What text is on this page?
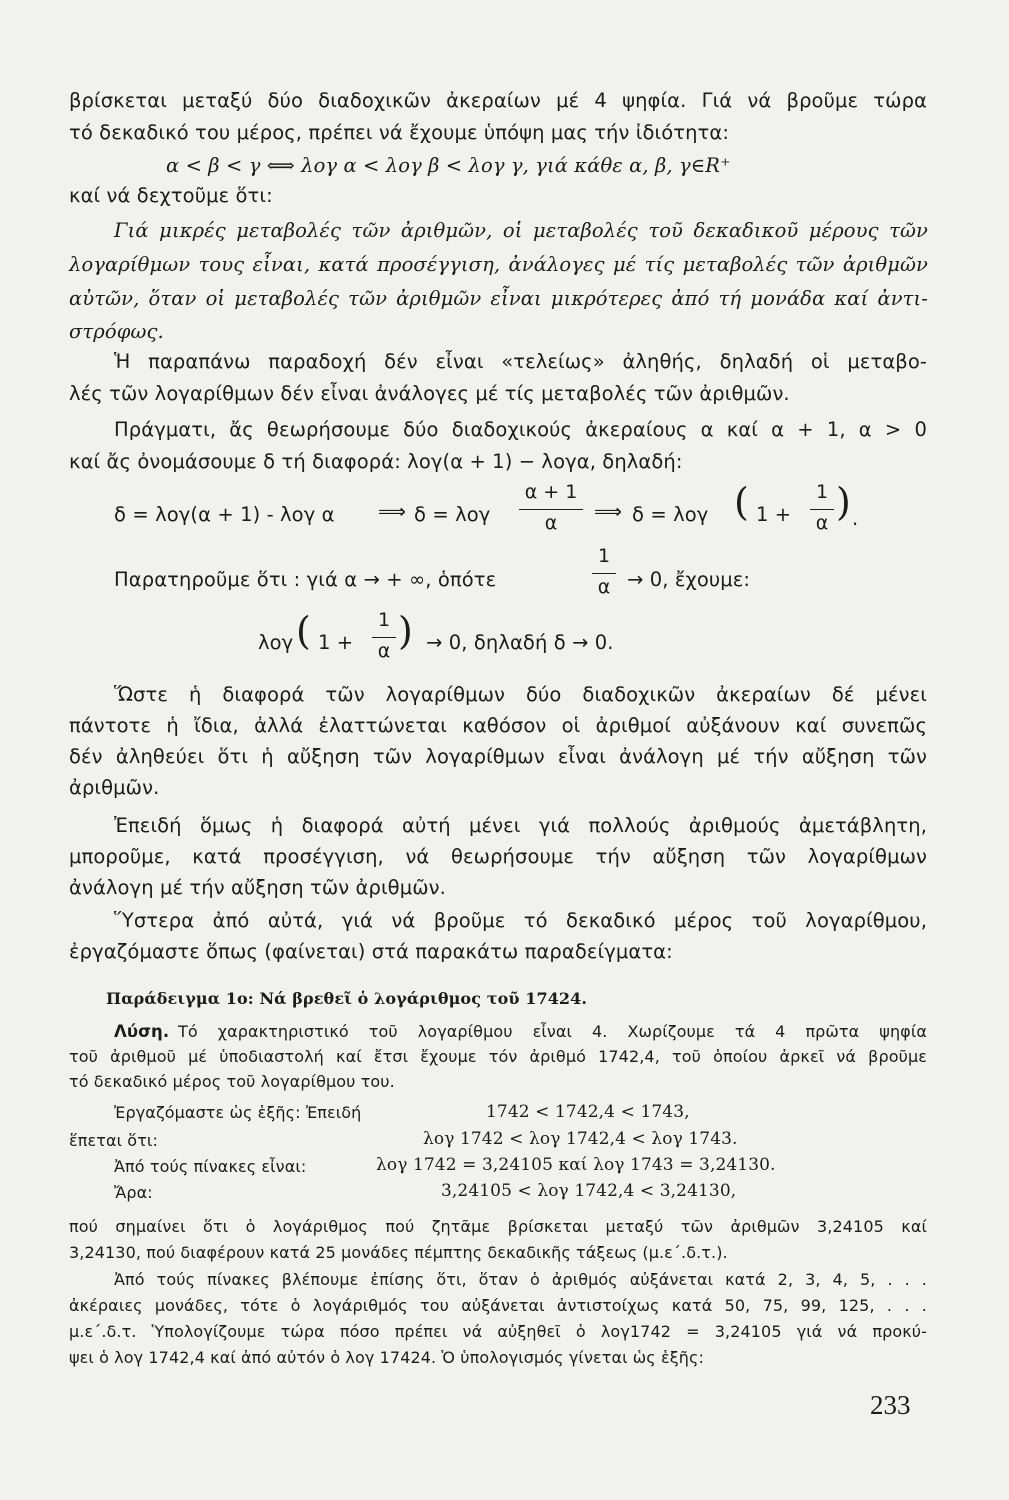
βρίσκεται μεταξύ δύο διαδοχικῶν ἀκεραίων μέ 4 ψηφία. Γιά νά βροῦμε τώρα
τό δεκαδικό του μέρος, πρέπει νά ἔχουμε ὑπόψη μας τήν ἰδιότητα:
α < β < γ ⟺ λογ α < λογ β < λογ γ, γιά κάθε α, β, γ∈R⁺
καί νά δεχτοῦμε ὅτι:
Γιά μικρές μεταβολές τῶν ἀριθμῶν, οἱ μεταβολές τοῦ δεκαδικοῦ μέρους τῶν
λογαρίθμων τους εἶναι, κατά προσέγγιση, ἀνάλογες μέ τίς μεταβολές τῶν ἀριθμῶν
αὐτῶν, ὅταν οἱ μεταβολές τῶν ἀριθμῶν εἶναι μικρότερες ἀπό τή μονάδα καί ἀντι-
στρόφως.
Ἡ παραπάνω παραδοχή δέν εἶναι «τελείως» ἀληθής, δηλαδή οἱ μεταβο-
λές τῶν λογαρίθμων δέν εἶναι ἀνάλογες μέ τίς μεταβολές τῶν ἀριθμῶν.
Πράγματι, ἄς θεωρήσουμε δύο διαδοχικούς ἀκεραίους α καί α + 1, α > 0
καί ἄς ὀνομάσουμε δ τή διαφορά: λογ(α + 1) − λογα, δηλαδή:
δ = λογ(α + 1) - λογ α ⟹ δ = λογ
α + 1
α	⟹ δ = λογ ( 1 +
1
α ) .
Παρατηροῦμε ὅτι : γιά α → + ∞, ὁπότε
1
α → 0, ἔχουμε:
λογ ( 1 +
1
α ) → 0, δηλαδή δ → 0.
Ὥστε ἡ διαφορά τῶν λογαρίθμων δύο διαδοχικῶν ἀκεραίων δέ μένει
πάντοτε ἡ ἴδια, ἀλλά ἐλαττώνεται καθόσον οἱ ἀριθμοί αὐξάνουν καί συνεπῶς
δέν ἀληθεύει ὅτι ἡ αὔξηση τῶν λογαρίθμων εἶναι ἀνάλογη μέ τήν αὔξηση τῶν
ἀριθμῶν.
Ἐπειδή ὅμως ἡ διαφορά αὐτή μένει γιά πολλούς ἀριθμούς ἀμετάβλητη,
μποροῦμε, κατά προσέγγιση, νά θεωρήσουμε τήν αὔξηση τῶν λογαρίθμων
ἀνάλογη μέ τήν αὔξηση τῶν ἀριθμῶν.
Ὕστερα ἀπό αὐτά, γιά νά βροῦμε τό δεκαδικό μέρος τοῦ λογαρίθμου,
ἐργαζόμαστε ὅπως (φαίνεται) στά παρακάτω παραδείγματα:
Παράδειγμα 1ο: Νά βρεθεῖ ὁ λογάριθμος τοῦ 17424.
Λύση. Τό χαρακτηριστικό τοῦ λογαρίθμου εἶναι 4. Χωρίζουμε τά 4 πρῶτα ψηφία
τοῦ ἀριθμοῦ μέ ὑποδιαστολή καί ἔτσι ἔχουμε τόν ἀριθμό 1742,4, τοῦ ὁποίου ἀρκεῖ νά βροῦμε
τό δεκαδικό μέρος τοῦ λογαρίθμου του.
Ἐργαζόμαστε ὡς ἑξῆς: Ἐπειδή	1742 < 1742,4 < 1743,
ἕπεται ὅτι:	λογ 1742 < λογ 1742,4 < λογ 1743.
Ἀπό τούς πίνακες εἶναι:	λογ 1742 = 3,24105 καί λογ 1743 = 3,24130.
Ἄρα:	3,24105 < λογ 1742,4 < 3,24130,
πού σημαίνει ὅτι ὁ λογάριθμος πού ζητᾶμε βρίσκεται μεταξύ τῶν ἀριθμῶν 3,24105 καί
3,24130, πού διαφέρουν κατά 25 μονάδες πέμπτης δεκαδικῆς τάξεως (μ.ε΄.δ.τ.).
Ἀπό τούς πίνακες βλέπουμε ἐπίσης ὅτι, ὅταν ὁ ἀριθμός αὐξάνεται κατά 2, 3, 4, 5, . . .
ἀκέραιες μονάδες, τότε ὁ λογάριθμός του αὐξάνεται ἀντιστοίχως κατά 50, 75, 99, 125, . . .
μ.ε΄.δ.τ. Ὑπολογίζουμε τώρα πόσο πρέπει νά αὐξηθεῖ ὁ λογ1742 = 3,24105 γιά νά προκύ-
ψει ὁ λογ 1742,4 καί ἀπό αὐτόν ὁ λογ 17424. Ὁ ὑπολογισμός γίνεται ὡς ἑξῆς:
233
